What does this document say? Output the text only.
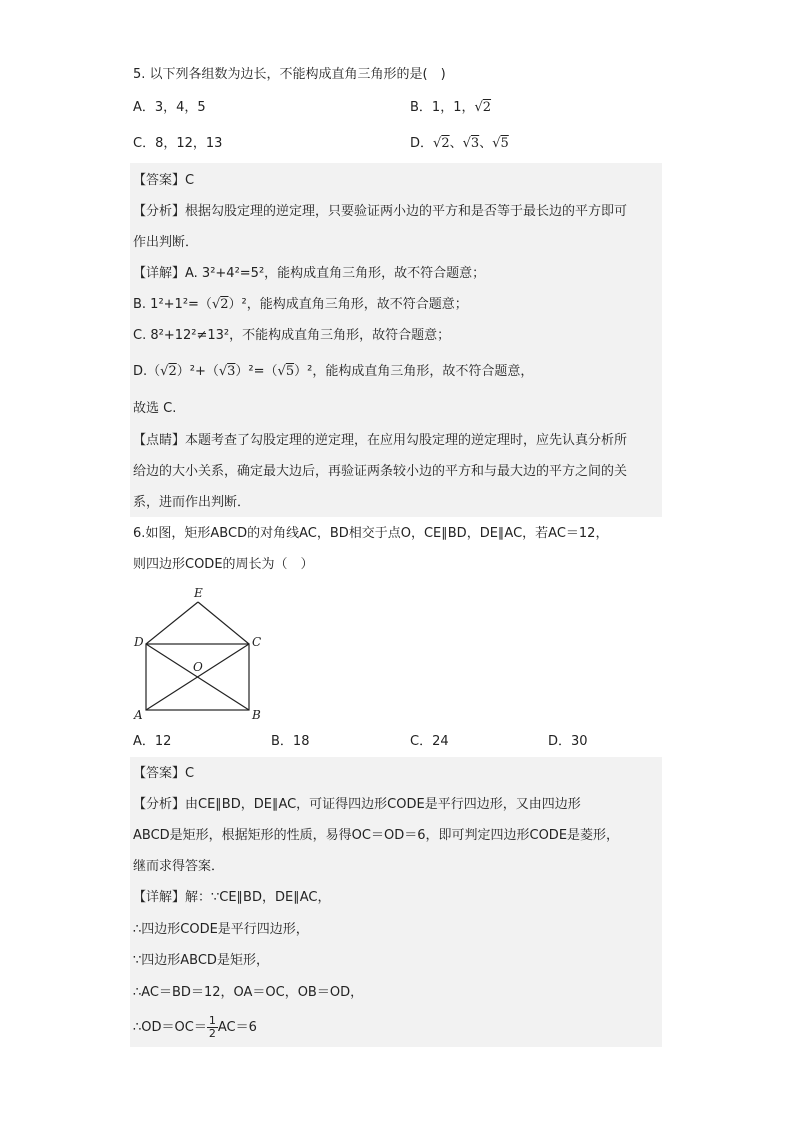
5. 以下列各组数为边长，不能构成直角三角形的是(　)
A．3，4，5	B．1，1，√2
C．8，12，13	D．√2、√3、√5
【答案】C
【分析】根据勾股定理的逆定理，只要验证两小边的平方和是否等于最长边的平方即可
作出判断．
【详解】A. 3²+4²=5²，能构成直角三角形，故不符合题意；
B. 1²+1²=（√2）²，能构成直角三角形，故不符合题意；
C. 8²+12²≠13²，不能构成直角三角形，故符合题意；
D.（√2）²+（√3）²=（√5）²，能构成直角三角形，故不符合题意，
故选 C.
【点睛】本题考查了勾股定理的逆定理，在应用勾股定理的逆定理时，应先认真分析所
给边的大小关系，确定最大边后，再验证两条较小边的平方和与最大边的平方之间的关
系，进而作出判断．
6.如图，矩形ABCD的对角线AC，BD相交于点O，CE∥BD，DE∥AC，若AC＝12，
则四边形CODE的周长为（　）
E
D	C
O
A	B
A．12	B．18	C．24	D．30
【答案】C
【分析】由CE∥BD，DE∥AC，可证得四边形CODE是平行四边形，又由四边形
ABCD是矩形，根据矩形的性质，易得OC＝OD＝6，即可判定四边形CODE是菱形，
继而求得答案．
【详解】解：∵CE∥BD，DE∥AC，
∴四边形CODE是平行四边形，
∵四边形ABCD是矩形，
∴AC＝BD＝12，OA＝OC，OB＝OD，
∴OD＝OC＝ $\frac{1}{2} AC=6$
